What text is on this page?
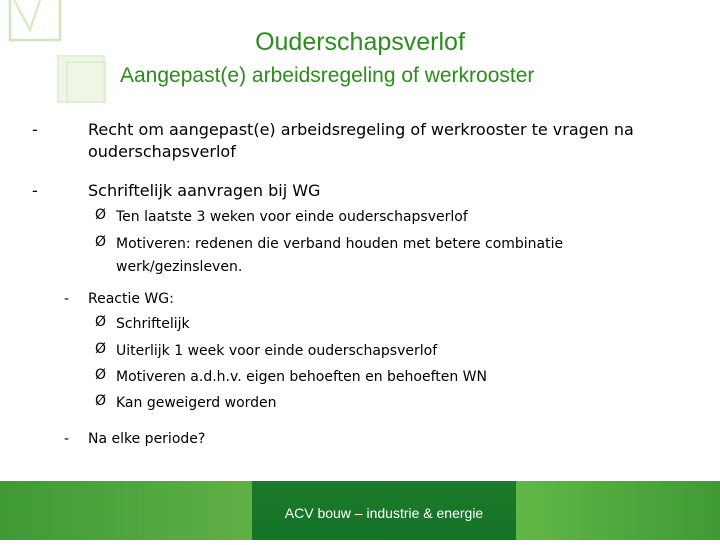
Ouderschapsverlof
Aangepast(e) arbeidsregeling of werkrooster
-	Recht om aangepast(e) arbeidsregeling of werkrooster te vragen na
ouderschapsverlof
-	Schriftelijk aanvragen bij WG
Ø Ten laatste 3 weken voor einde ouderschapsverlof
Ø Motiveren: redenen die verband houden met betere combinatie
werk/gezinsleven.
- Reactie WG:
Ø Schriftelijk
Ø Uiterlijk 1 week voor einde ouderschapsverlof
Ø Motiveren a.d.h.v. eigen behoeften en behoeften WN
Ø Kan geweigerd worden
- Na elke periode?
ACV bouw – industrie & energie
